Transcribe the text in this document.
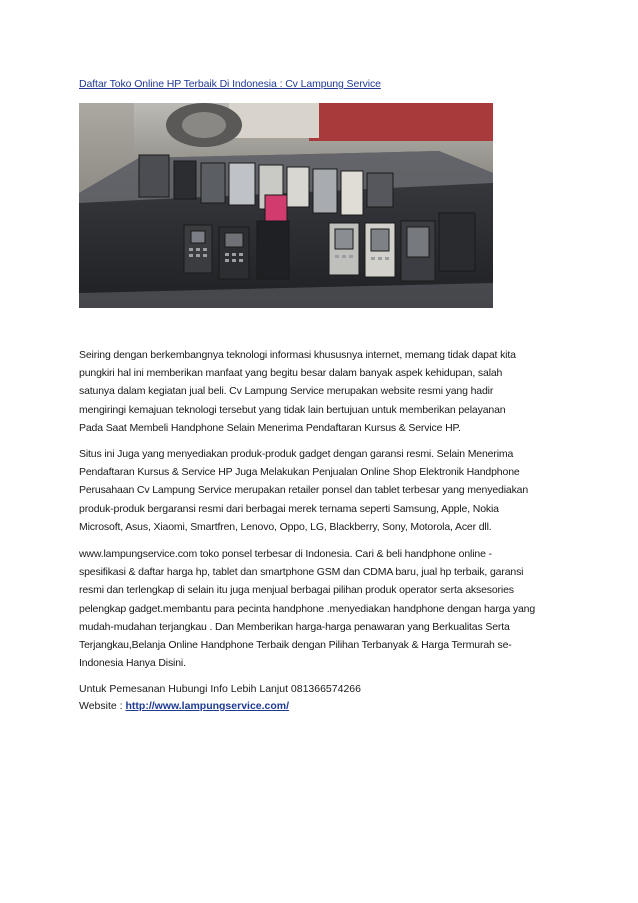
Daftar Toko Online HP Terbaik Di Indonesia : Cv Lampung Service

Seiring dengan berkembangnya teknologi informasi khususnya internet, memang tidak dapat kita
pungkiri hal ini memberikan manfaat yang begitu besar dalam banyak aspek kehidupan, salah
satunya dalam kegiatan jual beli. Cv Lampung Service merupakan website resmi yang hadir
mengiringi kemajuan teknologi tersebut yang tidak lain bertujuan untuk memberikan pelayanan
Pada Saat Membeli Handphone Selain Menerima Pendaftaran Kursus & Service HP.

Situs ini Juga yang menyediakan produk-produk gadget dengan garansi resmi. Selain Menerima
Pendaftaran Kursus & Service HP Juga Melakukan Penjualan Online Shop Elektronik Handphone
Perusahaan Cv Lampung Service merupakan retailer ponsel dan tablet terbesar yang menyediakan
produk-produk bergaransi resmi dari berbagai merek ternama seperti Samsung, Apple, Nokia
Microsoft, Asus, Xiaomi, Smartfren, Lenovo, Oppo, LG, Blackberry, Sony, Motorola, Acer dll.

www.lampungservice.com toko ponsel terbesar di Indonesia. Cari & beli handphone online -
spesifikasi & daftar harga hp, tablet dan smartphone GSM dan CDMA baru, jual hp terbaik, garansi
resmi dan terlengkap di selain itu juga menjual berbagai pilihan produk operator serta aksesories
pelengkap gadget.membantu para pecinta handphone .menyediakan handphone dengan harga yang
mudah-mudahan terjangkau . Dan Memberikan harga-harga penawaran yang Berkualitas Serta
Terjangkau,Belanja Online Handphone Terbaik dengan Pilihan Terbanyak & Harga Termurah se-
Indonesia Hanya Disini.

Untuk Pemesanan Hubungi Info Lebih Lanjut 081366574266
Website : http://www.lampungservice.com/
